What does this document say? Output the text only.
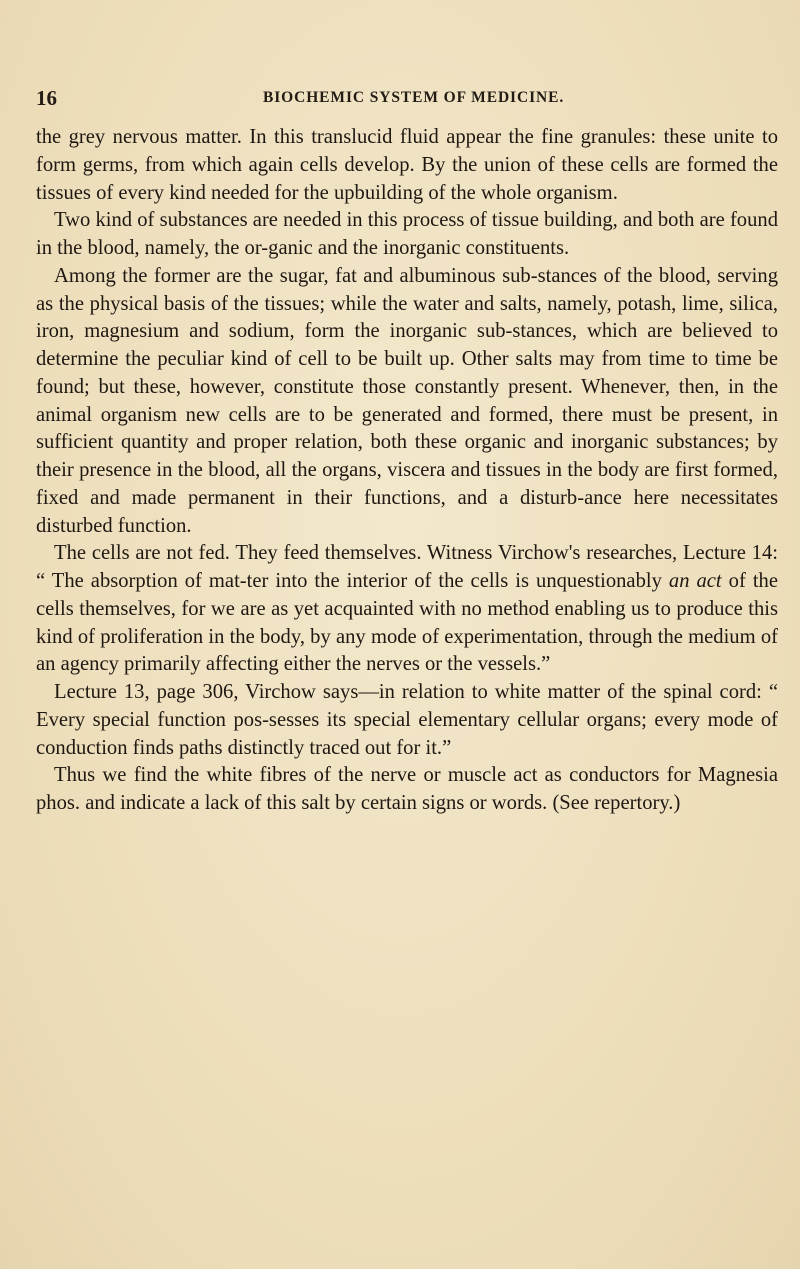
16	BIOCHEMIC SYSTEM OF MEDICINE.

the grey nervous matter. In this translucid fluid appear the fine granules: these unite to form germs, from which again cells develop. By the union of these cells are formed the tissues of every kind needed for the upbuilding of the whole organism.

Two kind of substances are needed in this process of tissue building, and both are found in the blood, namely, the or-ganic and the inorganic constituents.

Among the former are the sugar, fat and albuminous sub-stances of the blood, serving as the physical basis of the tissues; while the water and salts, namely, potash, lime, silica, iron, magnesium and sodium, form the inorganic sub-stances, which are believed to determine the peculiar kind of cell to be built up. Other salts may from time to time be found; but these, however, constitute those constantly present. Whenever, then, in the animal organism new cells are to be generated and formed, there must be present, in sufficient quantity and proper relation, both these organic and inorganic substances; by their presence in the blood, all the organs, viscera and tissues in the body are first formed, fixed and made permanent in their functions, and a disturb-ance here necessitates disturbed function.

The cells are not fed. They feed themselves. Witness Virchow's researches, Lecture 14: “ The absorption of mat-ter into the interior of the cells is unquestionably an act of the cells themselves, for we are as yet acquainted with no method enabling us to produce this kind of proliferation in the body, by any mode of experimentation, through the medium of an agency primarily affecting either the nerves or the vessels.”

Lecture 13, page 306, Virchow says—in relation to white matter of the spinal cord: “ Every special function pos-sesses its special elementary cellular organs; every mode of conduction finds paths distinctly traced out for it.”

Thus we find the white fibres of the nerve or muscle act as conductors for Magnesia phos. and indicate a lack of this salt by certain signs or words. (See repertory.)
